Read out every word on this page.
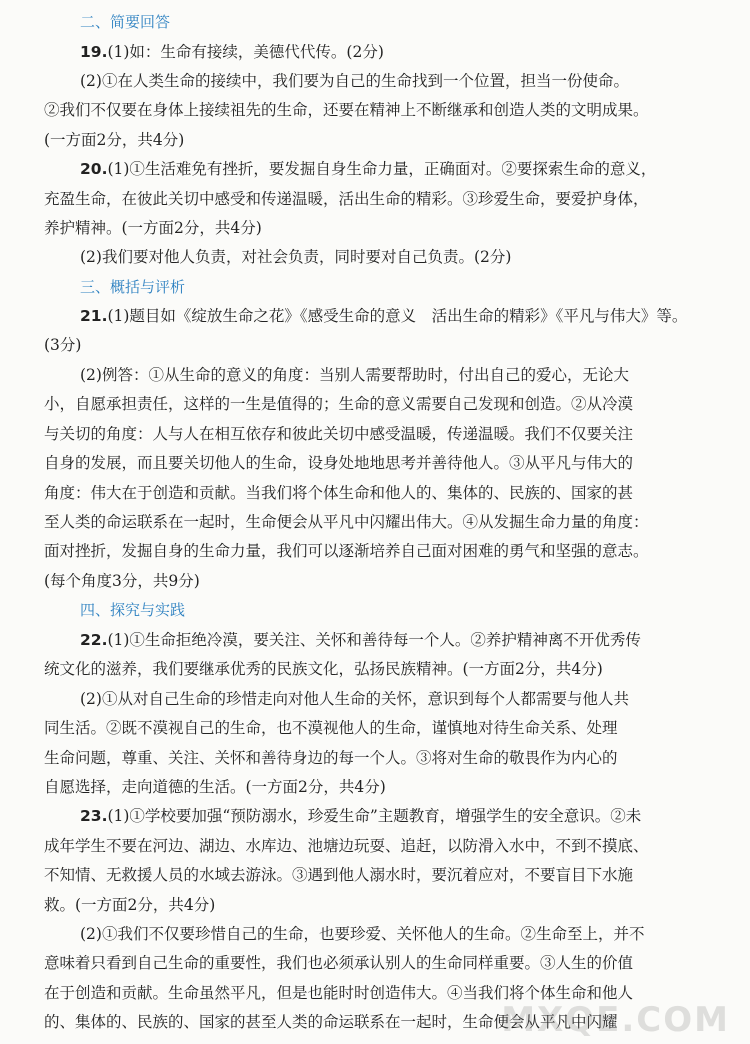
二、简要回答
19.(1)如：生命有接续，美德代代传。(2分)
(2)①在人类生命的接续中，我们要为自己的生命找到一个位置，担当一份使命。
②我们不仅要在身体上接续祖先的生命，还要在精神上不断继承和创造人类的文明成果。
(一方面2分，共4分)
20.(1)①生活难免有挫折，要发掘自身生命力量，正确面对。②要探索生命的意义，
充盈生命，在彼此关切中感受和传递温暖，活出生命的精彩。③珍爱生命，要爱护身体，
养护精神。(一方面2分，共4分)
(2)我们要对他人负责，对社会负责，同时要对自己负责。(2分)
三、概括与评析
21.(1)题目如《绽放生命之花》《感受生命的意义　活出生命的精彩》《平凡与伟大》等。
(3分)
(2)例答：①从生命的意义的角度：当别人需要帮助时，付出自己的爱心，无论大
小，自愿承担责任，这样的一生是值得的；生命的意义需要自己发现和创造。②从冷漠
与关切的角度：人与人在相互依存和彼此关切中感受温暖，传递温暖。我们不仅要关注
自身的发展，而且要关切他人的生命，设身处地地思考并善待他人。③从平凡与伟大的
角度：伟大在于创造和贡献。当我们将个体生命和他人的、集体的、民族的、国家的甚
至人类的命运联系在一起时，生命便会从平凡中闪耀出伟大。④从发掘生命力量的角度：
面对挫折，发掘自身的生命力量，我们可以逐渐培养自己面对困难的勇气和坚强的意志。
(每个角度3分，共9分)
四、探究与实践
22.(1)①生命拒绝冷漠，要关注、关怀和善待每一个人。②养护精神离不开优秀传
统文化的滋养，我们要继承优秀的民族文化，弘扬民族精神。(一方面2分，共4分)
(2)①从对自己生命的珍惜走向对他人生命的关怀，意识到每个人都需要与他人共
同生活。②既不漠视自己的生命，也不漠视他人的生命，谨慎地对待生命关系、处理
生命问题，尊重、关注、关怀和善待身边的每一个人。③将对生命的敬畏作为内心的
自愿选择，走向道德的生活。(一方面2分，共4分)
23.(1)①学校要加强“预防溺水，珍爱生命”主题教育，增强学生的安全意识。②未
成年学生不要在河边、湖边、水库边、池塘边玩耍、追赶，以防滑入水中，不到不摸底、
不知情、无救援人员的水域去游泳。③遇到他人溺水时，要沉着应对，不要盲目下水施
救。(一方面2分，共4分)
(2)①我们不仅要珍惜自己的生命，也要珍爱、关怀他人的生命。②生命至上，并不
意味着只看到自己生命的重要性，我们也必须承认别人的生命同样重要。③人生的价值
在于创造和贡献。生命虽然平凡，但是也能时时创造伟大。④当我们将个体生命和他人
的、集体的、民族的、国家的甚至人类的命运联系在一起时，生命便会从平凡中闪耀
MXQE.COM
